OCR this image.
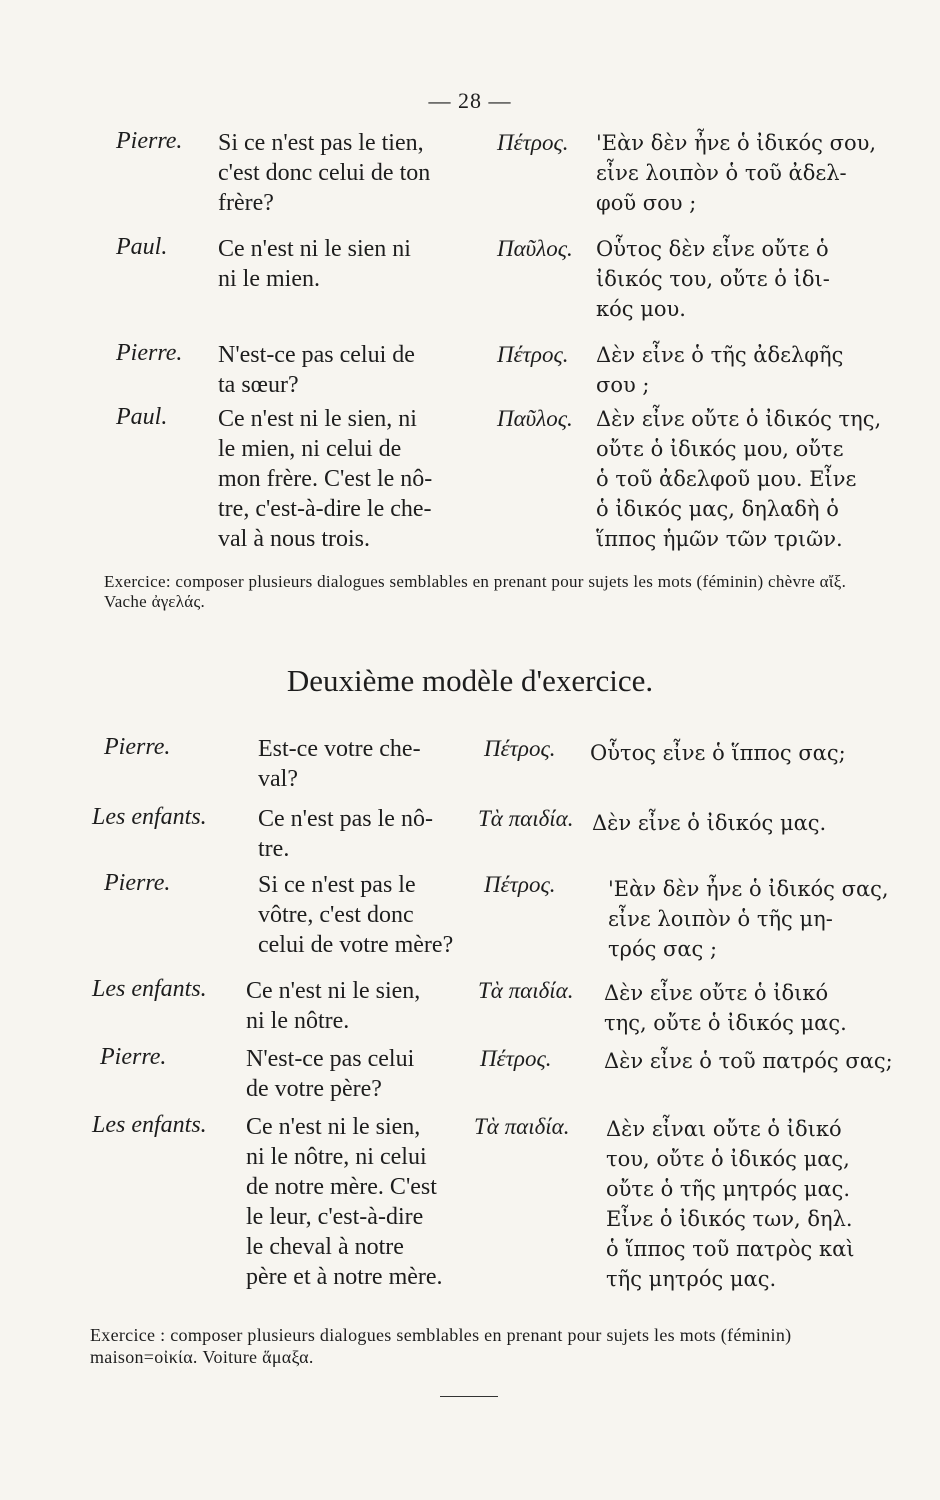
— 28 —
Pierre. Si ce n'est pas le tien,
c'est donc celui de ton
frère?
Πέτρος. 'Εὰν δὲν ἦνε ὁ ἰδικός σου,
εἶνε λοιπὸν ὁ τοῦ ἀδελ-
φοῦ σου ;
Paul. Ce n'est ni le sien ni
ni le mien.
Παῦλος. Οὗτος δὲν εἶνε οὔτε ὁ
ἰδικός του, οὔτε ὁ ἰδι-
κός μου.
Pierre. N'est-ce pas celui de
ta sœur?
Πέτρος. Δὲν εἶνε ὁ τῆς ἀδελφῆς
σου ;
Paul. Ce n'est ni le sien, ni
le mien, ni celui de
mon frère. C'est le nô-
tre, c'est-à-dire le che-
val à nous trois.
Παῦλος. Δὲν εἶνε οὔτε ὁ ἰδικός της,
οὔτε ὁ ἰδικός μου, οὔτε
ὁ τοῦ ἀδελφοῦ μου. Εἶνε
ὁ ἰδικός μας, δηλαδὴ ὁ
ἵππος ἡμῶν τῶν τριῶν.
Exercice: composer plusieurs dialogues semblables en prenant pour sujets les mots (féminin) chèvre αἴξ. Vache ἀγελάς.
Deuxième modèle d'exercice.
Pierre.	Est-ce votre che-
val?
Πέτρος. Οὗτος εἶνε ὁ ἵππος σας;
Les enfants. Ce n'est pas le nô-
tre.
Τὰ παιδία. Δὲν εἶνε ὁ ἰδικός μας.
Pierre.	Si ce n'est pas le
vôtre, c'est donc
celui de votre mère?
Πέτρος. 'Εὰν δὲν ἦνε ὁ ἰδικός σας,
εἶνε λοιπὸν ὁ τῆς μη-
τρός σας ;
Les enfants. Ce n'est ni le sien,
ni le nôtre.
Τὰ παιδία. Δὲν εἶνε οὔτε ὁ ἰδικό
της, οὔτε ὁ ἰδικός μας.
Pierre.	N'est-ce pas celui
de votre père?
Πέτρος. Δὲν εἶνε ὁ τοῦ πατρός σας;
Les enfants. Ce n'est ni le sien,
ni le nôtre, ni celui
de notre mère. C'est
le leur, c'est-à-dire
le cheval à notre
père et à notre mère.
Τὰ παιδία. Δὲν εἶναι οὔτε ὁ ἰδικό
του, οὔτε ὁ ἰδικός μας,
οὔτε ὁ τῆς μητρός μας.
Εἶνε ὁ ἰδικός των, δηλ.
ὁ ἵππος τοῦ πατρὸς καὶ
τῆς μητρός μας.
Exercice : composer plusieurs dialogues semblables en prenant pour sujets les mots (féminin) maison=οἰκία. Voiture ἅμαξα.
